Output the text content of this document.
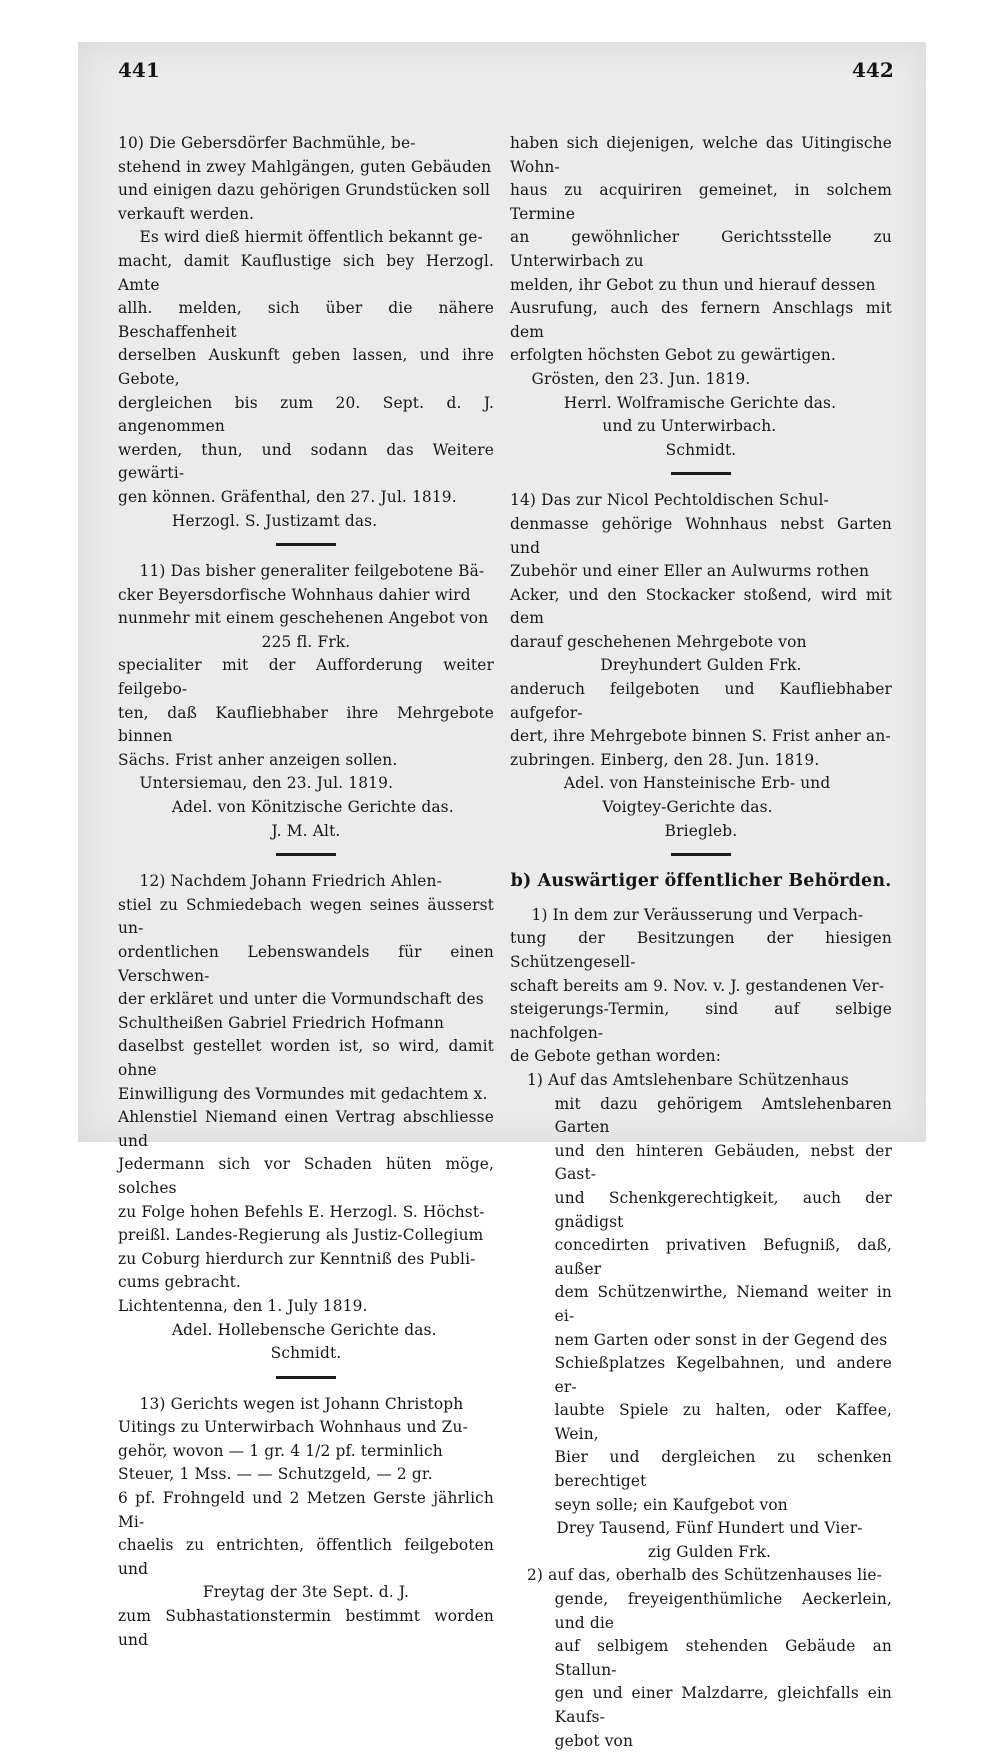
441	442

10) Die Gebersdörfer Bachmühle, be-

stehend in zwey Mahlgängen, guten Gebäuden

und einigen dazu gehörigen Grundstücken soll

verkauft werden.

Es wird dieß hiermit öffentlich bekannt ge-

macht, damit Kauflustige sich bey Herzogl. Amte

allh. melden, sich über die nähere Beschaffenheit

derselben Auskunft geben lassen, und ihre Gebote,

dergleichen bis zum 20. Sept. d. J. angenommen

werden, thun, und sodann das Weitere gewärti-

gen können. Gräfenthal, den 27. Jul. 1819.

Herzogl. S. Justizamt das.

11) Das bisher generaliter feilgebotene Bä-

cker Beyersdorfische Wohnhaus dahier wird

nunmehr mit einem geschehenen Angebot von

225 fl. Frk.

specialiter mit der Aufforderung weiter feilgebo-

ten, daß Kaufliebhaber ihre Mehrgebote binnen

Sächs. Frist anher anzeigen sollen.

Untersiemau, den 23. Jul. 1819.

Adel. von Könitzische Gerichte das.

J. M. Alt.

12) Nachdem Johann Friedrich Ahlen-

stiel zu Schmiedebach wegen seines äusserst un-

ordentlichen Lebenswandels für einen Verschwen-

der erkläret und unter die Vormundschaft des

Schultheißen Gabriel Friedrich Hofmann

daselbst gestellet worden ist, so wird, damit ohne

Einwilligung des Vormundes mit gedachtem x.

Ahlenstiel Niemand einen Vertrag abschliesse und

Jedermann sich vor Schaden hüten möge, solches

zu Folge hohen Befehls E. Herzogl. S. Höchst-

preißl. Landes-Regierung als Justiz-Collegium

zu Coburg hierdurch zur Kenntniß des Publi-

cums gebracht.

Lichtentenna, den 1. July 1819.

Adel. Hollebensche Gerichte das.

Schmidt.

13) Gerichts wegen ist Johann Christoph

Uitings zu Unterwirbach Wohnhaus und Zu-

gehör, wovon — 1 gr. 4 1/2 pf. terminlich

Steuer, 1 Mss. — — Schutzgeld, — 2 gr.

6 pf. Frohngeld und 2 Metzen Gerste jährlich Mi-

chaelis zu entrichten, öffentlich feilgeboten und

Freytag der 3te Sept. d. J.

zum Subhastationstermin bestimmt worden und

haben sich diejenigen, welche das Uitingische Wohn-

haus zu acquiriren gemeinet, in solchem Termine

an gewöhnlicher Gerichtsstelle zu Unterwirbach zu

melden, ihr Gebot zu thun und hierauf dessen

Ausrufung, auch des fernern Anschlags mit dem

erfolgten höchsten Gebot zu gewärtigen.

Grösten, den 23. Jun. 1819.

Herrl. Wolframische Gerichte das.

und zu Unterwirbach.

Schmidt.

14) Das zur Nicol Pechtoldischen Schul-

denmasse gehörige Wohnhaus nebst Garten und

Zubehör und einer Eller an Aulwurms rothen

Acker, und den Stockacker stoßend, wird mit dem

darauf geschehenen Mehrgebote von

Dreyhundert Gulden Frk.

anderuch feilgeboten und Kaufliebhaber aufgefor-

dert, ihre Mehrgebote binnen S. Frist anher an-

zubringen. Einberg, den 28. Jun. 1819.

Adel. von Hansteinische Erb- und

Voigtey-Gerichte das.

Briegleb.

b) Auswärtiger öffentlicher Behörden.

1) In dem zur Veräusserung und Verpach-

tung der Besitzungen der hiesigen Schützengesell-

schaft bereits am 9. Nov. v. J. gestandenen Ver-

steigerungs-Termin, sind auf selbige nachfolgen-

de Gebote gethan worden:

1) Auf das Amtslehenbare Schützenhaus

mit dazu gehörigem Amtslehenbaren Garten

und den hinteren Gebäuden, nebst der Gast-

und Schenkgerechtigkeit, auch der gnädigst

concedirten privativen Befugniß, daß, außer

dem Schützenwirthe, Niemand weiter in ei-

nem Garten oder sonst in der Gegend des

Schießplatzes Kegelbahnen, und andere er-

laubte Spiele zu halten, oder Kaffee, Wein,

Bier und dergleichen zu schenken berechtiget

seyn solle; ein Kaufgebot von

Drey Tausend, Fünf Hundert und Vier-

zig Gulden Frk.

2) auf das, oberhalb des Schützenhauses lie-

gende, freyeigenthümliche Aeckerlein, und die

auf selbigem stehenden Gebäude an Stallun-

gen und einer Malzdarre, gleichfalls ein Kaufs-

gebot von
